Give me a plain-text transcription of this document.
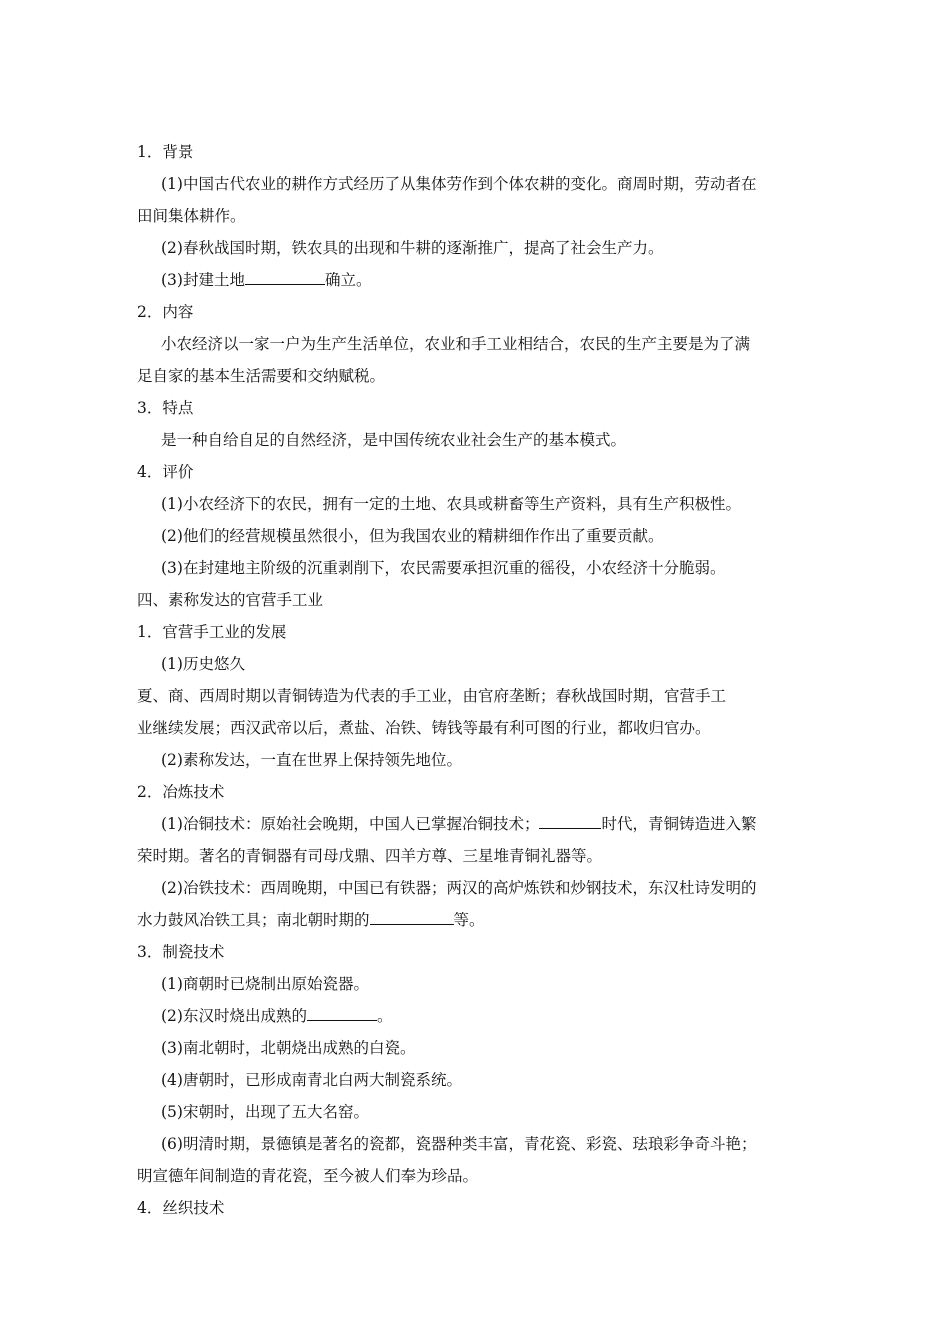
1．背景
(1)中国古代农业的耕作方式经历了从集体劳作到个体农耕的变化。商周时期，劳动者在
田间集体耕作。
(2)春秋战国时期，铁农具的出现和牛耕的逐渐推广，提高了社会生产力。
(3)封建土地	确立。
2．内容
小农经济以一家一户为生产生活单位，农业和手工业相结合，农民的生产主要是为了满
足自家的基本生活需要和交纳赋税。
3．特点
是一种自给自足的自然经济，是中国传统农业社会生产的基本模式。
4．评价
(1)小农经济下的农民，拥有一定的土地、农具或耕畜等生产资料，具有生产积极性。
(2)他们的经营规模虽然很小，但为我国农业的精耕细作作出了重要贡献。
(3)在封建地主阶级的沉重剥削下，农民需要承担沉重的徭役，小农经济十分脆弱。
四、素称发达的官营手工业
1．官营手工业的发展
(1)历史悠久
夏、商、西周时期以青铜铸造为代表的手工业，由官府垄断；春秋战国时期，官营手工
业继续发展；西汉武帝以后，煮盐、冶铁、铸钱等最有利可图的行业，都收归官办。
(2)素称发达，一直在世界上保持领先地位。
2．冶炼技术
(1)冶铜技术：原始社会晚期，中国人已掌握冶铜技术；	时代，青铜铸造进入繁
荣时期。著名的青铜器有司母戊鼎、四羊方尊、三星堆青铜礼器等。
(2)冶铁技术：西周晚期，中国已有铁器；两汉的高炉炼铁和炒钢技术，东汉杜诗发明的
水力鼓风冶铁工具；南北朝时期的	等。
3．制瓷技术
(1)商朝时已烧制出原始瓷器。
(2)东汉时烧出成熟的	。
(3)南北朝时，北朝烧出成熟的白瓷。
(4)唐朝时，已形成南青北白两大制瓷系统。
(5)宋朝时，出现了五大名窑。
(6)明清时期，景德镇是著名的瓷都，瓷器种类丰富，青花瓷、彩瓷、珐琅彩争奇斗艳；
明宣德年间制造的青花瓷，至今被人们奉为珍品。
4．丝织技术
